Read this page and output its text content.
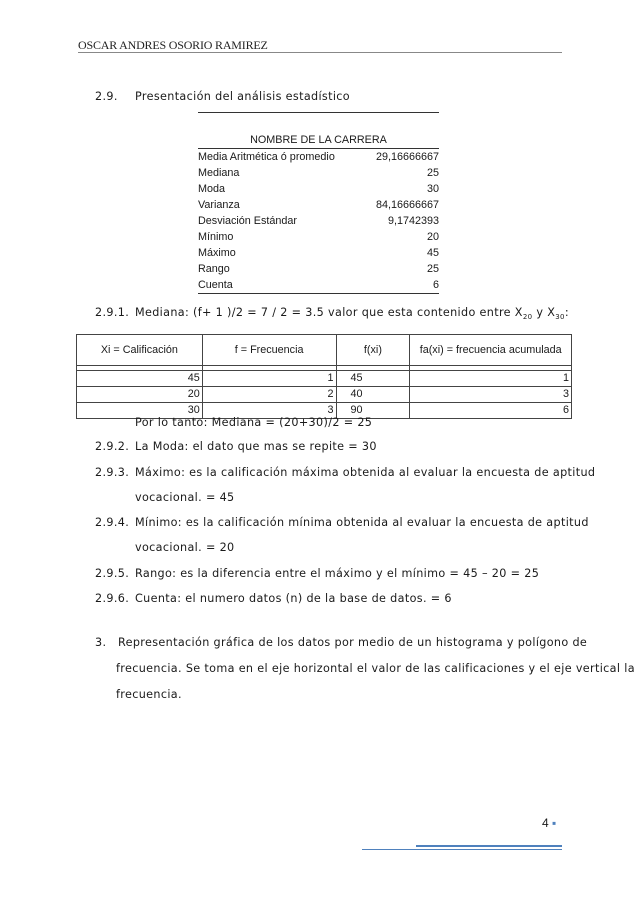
OSCAR ANDRES OSORIO RAMIREZ
2.9. Presentación del análisis estadístico
NOMBRE DE LA CARRERA
Media Aritmética ó promedio	29,16666667
Mediana	25
Moda	30
Varianza	84,16666667
Desviación Estándar	9,1742393
Mínimo	20
Máximo	45
Rango	25
Cuenta	6
2.9.1. Mediana: (f+ 1 )/2 = 7 / 2 = 3.5 valor que esta contenido entre $X_{20}$ y $X_{30}$:
Xi = Calificación	f = Frecuencia	f(xi)	fa(xi) = frecuencia acumulada

45	1	45	1
20	2	40	3
30	3	90	6
Por lo tanto: Mediana = (20+30)/2 = 25
2.9.2. La Moda: el dato que mas se repite = 30
2.9.3. Máximo: es la calificación máxima obtenida al evaluar la encuesta de aptitud
vocacional. = 45
2.9.4. Mínimo: es la calificación mínima obtenida al evaluar la encuesta de aptitud
vocacional. = 20
2.9.5. Rango: es la diferencia entre el máximo y el mínimo = 45 – 20 = 25
2.9.6. Cuenta: el numero datos (n) de la base de datos. = 6
3. Representación gráfica de los datos por medio de un histograma y polígono de
frecuencia. Se toma en el eje horizontal el valor de las calificaciones y el eje vertical la
frecuencia.
4 ▪
